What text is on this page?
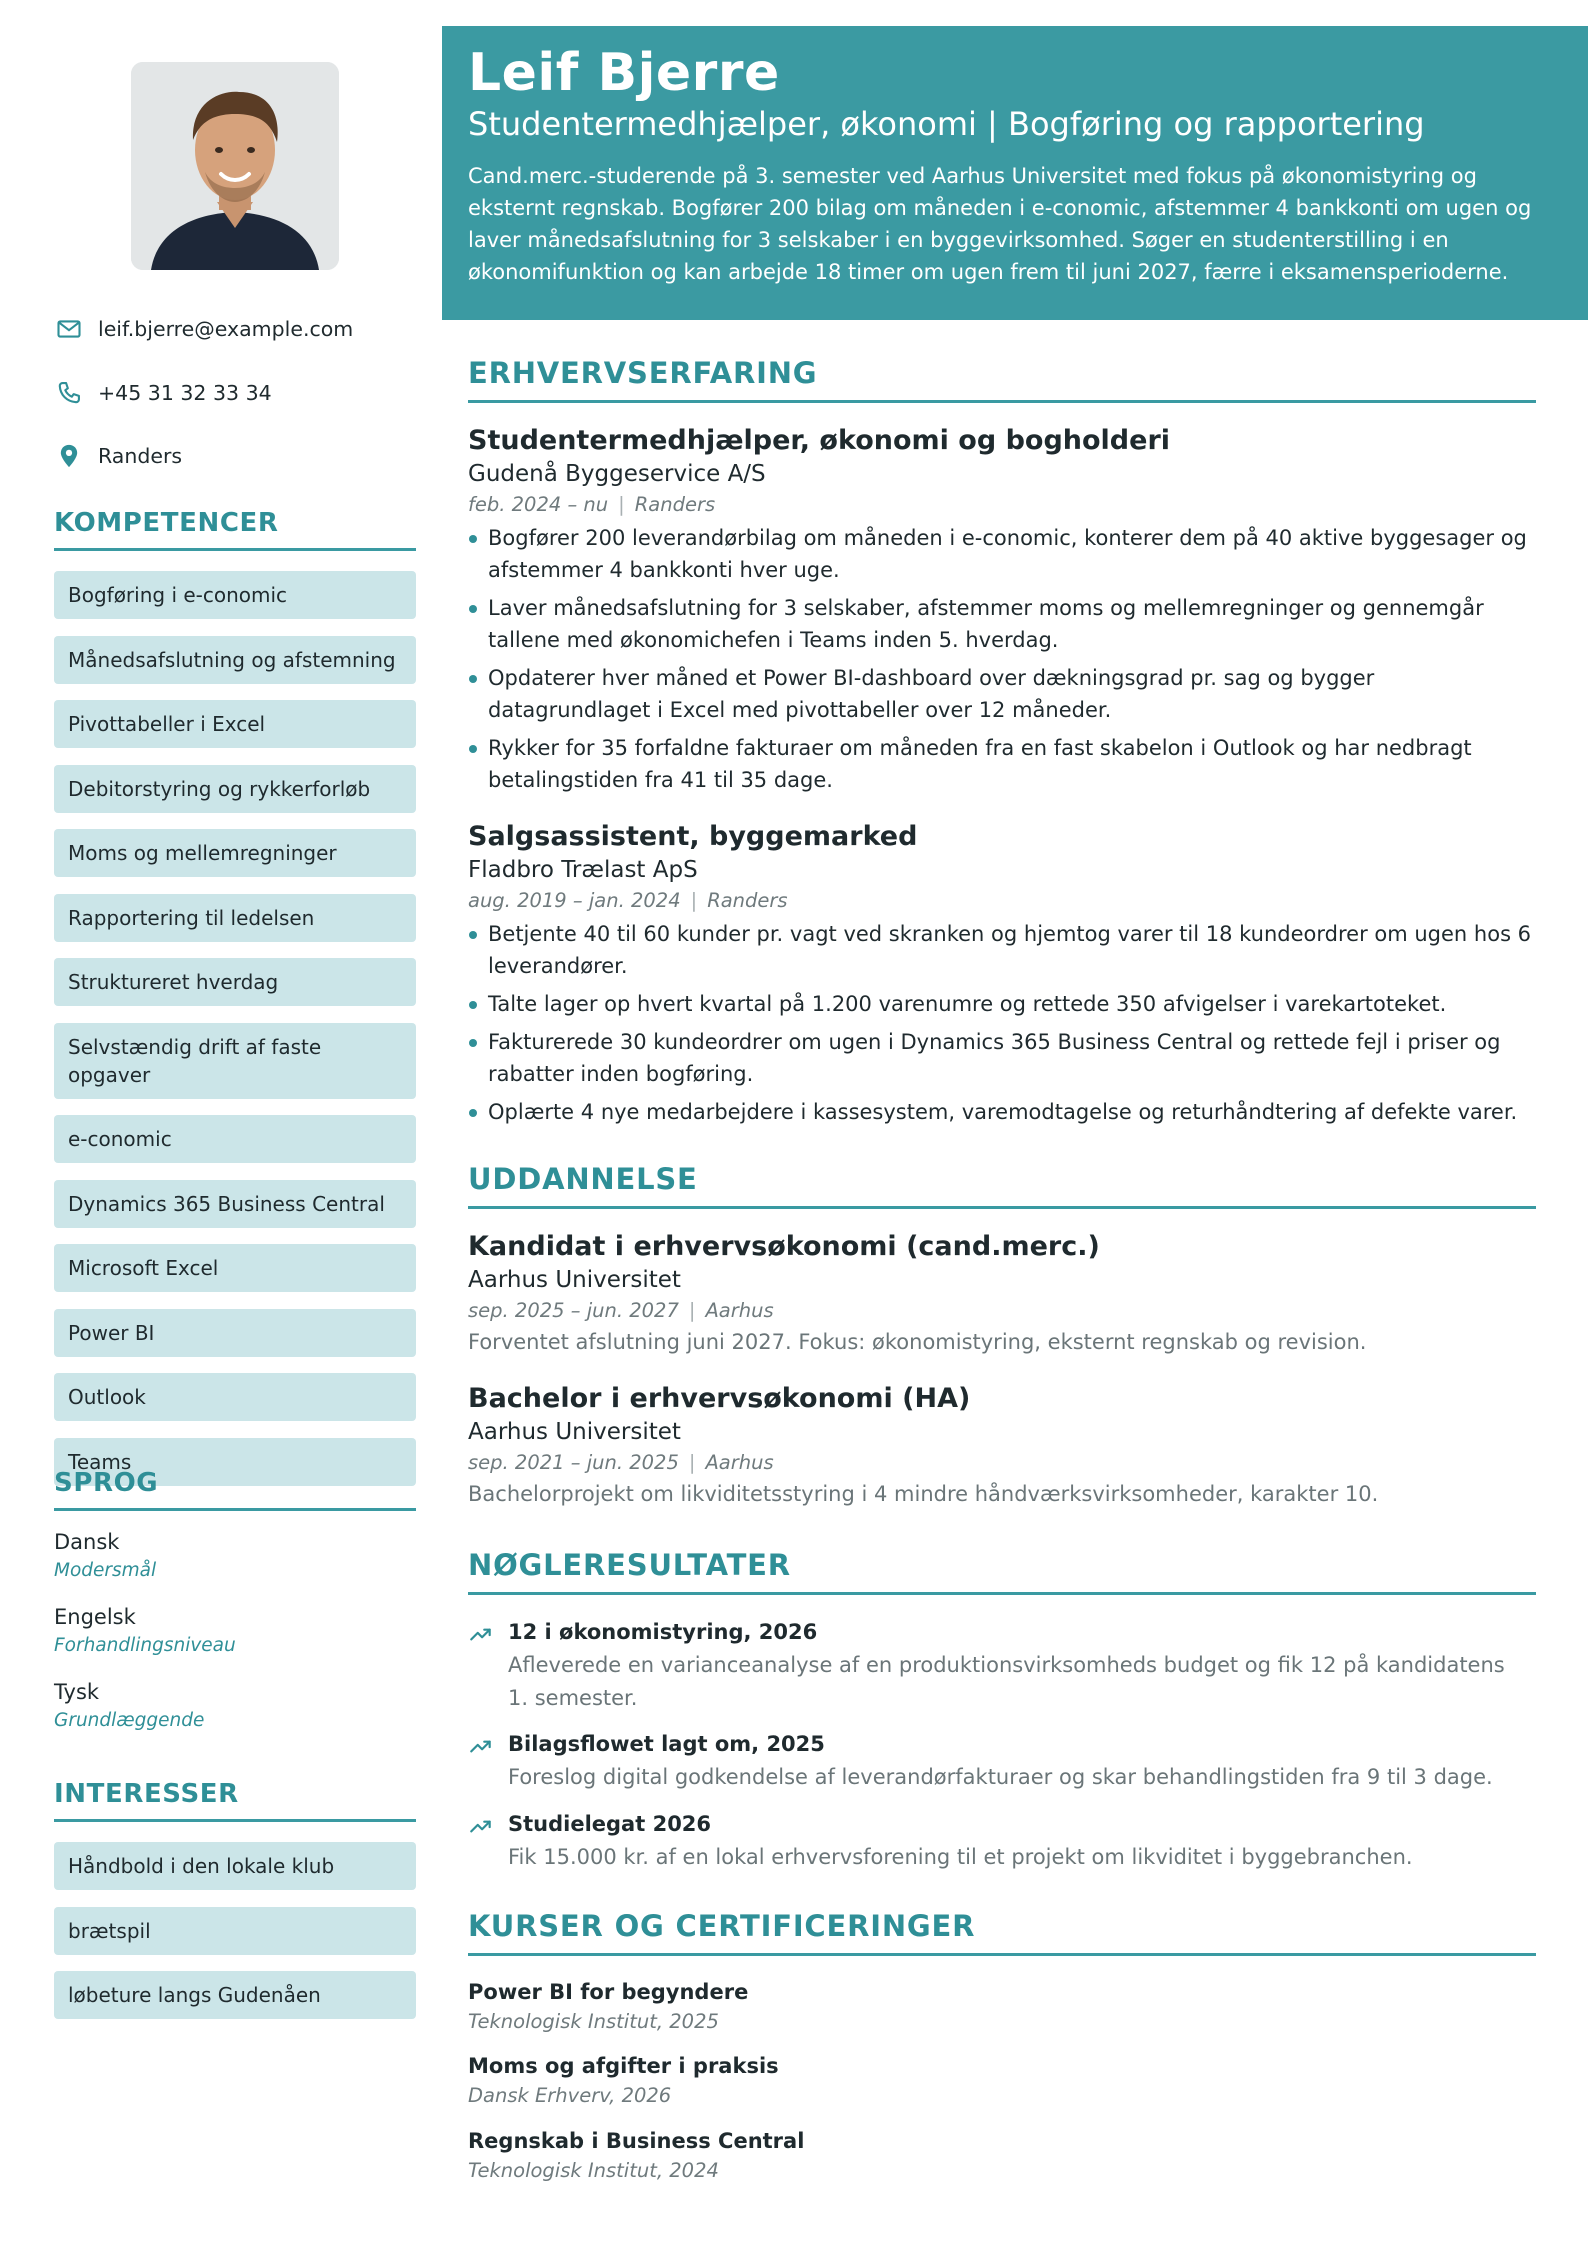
leif.bjerre@example.com
+45 31 32 33 34
Randers
KOMPETENCER
Bogføring i e-conomic
Månedsafslutning og afstemning
Pivottabeller i Excel
Debitorstyring og rykkerforløb
Moms og mellemregninger
Rapportering til ledelsen
Struktureret hverdag
Selvstændig drift af faste opgaver
e-conomic
Dynamics 365 Business Central
Microsoft Excel
Power BI
Outlook
Teams
SPROG
Dansk
Modersmål
Engelsk
Forhandlingsniveau
Tysk
Grundlæggende
INTERESSER
Håndbold i den lokale klub
brætspil
løbeture langs Gudenåen
Leif Bjerre
Studentermedhjælper, økonomi | Bogføring og rapportering
Cand.merc.-studerende på 3. semester ved Aarhus Universitet med fokus på økonomistyring og eksternt regnskab. Bogfører 200 bilag om måneden i e-conomic, afstemmer 4 bankkonti om ugen og laver månedsafslutning for 3 selskaber i en byggevirksomhed. Søger en studenterstilling i en økonomifunktion og kan arbejde 18 timer om ugen frem til juni 2027, færre i eksamensperioderne.
ERHVERVSERFARING
Studentermedhjælper, økonomi og bogholderi
Gudenå Byggeservice A/S
feb. 2024 – nu | Randers
Bogfører 200 leverandørbilag om måneden i e-conomic, konterer dem på 40 aktive byggesager og afstemmer 4 bankkonti hver uge.
Laver månedsafslutning for 3 selskaber, afstemmer moms og mellemregninger og gennemgår tallene med økonomichefen i Teams inden 5. hverdag.
Opdaterer hver måned et Power BI-dashboard over dækningsgrad pr. sag og bygger datagrundlaget i Excel med pivottabeller over 12 måneder.
Rykker for 35 forfaldne fakturaer om måneden fra en fast skabelon i Outlook og har nedbragt betalingstiden fra 41 til 35 dage.
Salgsassistent, byggemarked
Fladbro Trælast ApS
aug. 2019 – jan. 2024 | Randers
Betjente 40 til 60 kunder pr. vagt ved skranken og hjemtog varer til 18 kundeordrer om ugen hos 6 leverandører.
Talte lager op hvert kvartal på 1.200 varenumre og rettede 350 afvigelser i varekartoteket.
Fakturerede 30 kundeordrer om ugen i Dynamics 365 Business Central og rettede fejl i priser og rabatter inden bogføring.
Oplærte 4 nye medarbejdere i kassesystem, varemodtagelse og returhåndtering af defekte varer.
UDDANNELSE
Kandidat i erhvervsøkonomi (cand.merc.)
Aarhus Universitet
sep. 2025 – jun. 2027 | Aarhus
Forventet afslutning juni 2027. Fokus: økonomistyring, eksternt regnskab og revision.
Bachelor i erhvervsøkonomi (HA)
Aarhus Universitet
sep. 2021 – jun. 2025 | Aarhus
Bachelorprojekt om likviditetsstyring i 4 mindre håndværksvirksomheder, karakter 10.
NØGLERESULTATER
12 i økonomistyring, 2026
Afleverede en varianceanalyse af en produktionsvirksomheds budget og fik 12 på kandidatens 1. semester.
Bilagsflowet lagt om, 2025
Foreslog digital godkendelse af leverandørfakturaer og skar behandlingstiden fra 9 til 3 dage.
Studielegat 2026
Fik 15.000 kr. af en lokal erhvervsforening til et projekt om likviditet i byggebranchen.
KURSER OG CERTIFICERINGER
Power BI for begyndere
Teknologisk Institut, 2025
Moms og afgifter i praksis
Dansk Erhverv, 2026
Regnskab i Business Central
Teknologisk Institut, 2024
